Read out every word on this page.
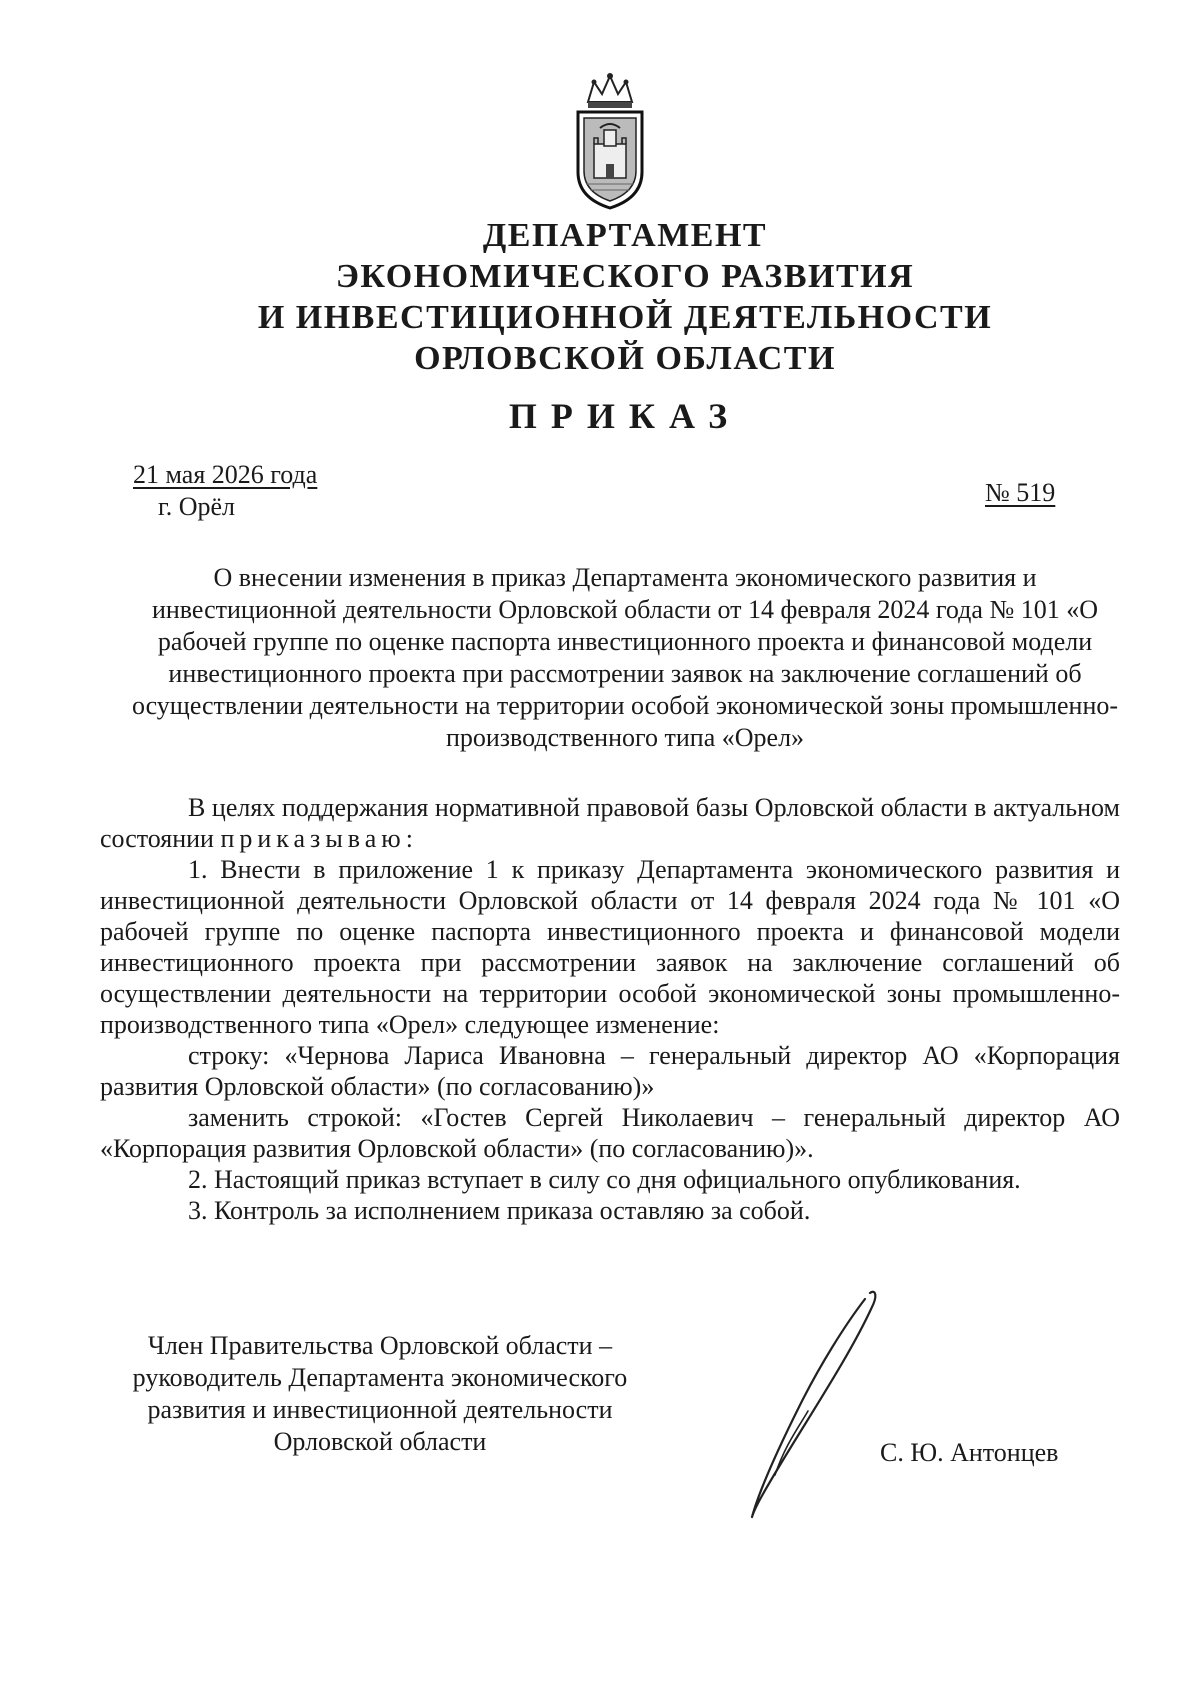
ДЕПАРТАМЕНТ
ЭКОНОМИЧЕСКОГО РАЗВИТИЯ
И ИНВЕСТИЦИОННОЙ ДЕЯТЕЛЬНОСТИ
ОРЛОВСКОЙ ОБЛАСТИ
ПРИКАЗ
21 мая 2026 года
г. Орёл	№ 519
О внесении изменения в приказ Департамента экономического развития и инвестиционной деятельности Орловской области от 14 февраля 2024 года № 101 «О рабочей группе по оценке паспорта инвестиционного проекта и финансовой модели инвестиционного проекта при рассмотрении заявок на заключение соглашений об осуществлении деятельности на территории особой экономической зоны промышленно-производственного типа «Орел»

В целях поддержания нормативной правовой базы Орловской области в актуальном состоянии приказываю:

1. Внести в приложение 1 к приказу Департамента экономического развития и инвестиционной деятельности Орловской области от 14 февраля 2024 года № 101 «О рабочей группе по оценке паспорта инвестиционного проекта и финансовой модели инвестиционного проекта при рассмотрении заявок на заключение соглашений об осуществлении деятельности на территории особой экономической зоны промышленно-производственного типа «Орел» следующее изменение:

строку: «Чернова Лариса Ивановна – генеральный директор АО «Корпорация развития Орловской области» (по согласованию)»

заменить строкой: «Гостев Сергей Николаевич – генеральный директор АО «Корпорация развития Орловской области» (по согласованию)».

2. Настоящий приказ вступает в силу со дня официального опубликования.

3. Контроль за исполнением приказа оставляю за собой.

Член Правительства Орловской области –
руководитель Департамента экономического
развития и инвестиционной деятельности
Орловской области	С. Ю. Антонцев
